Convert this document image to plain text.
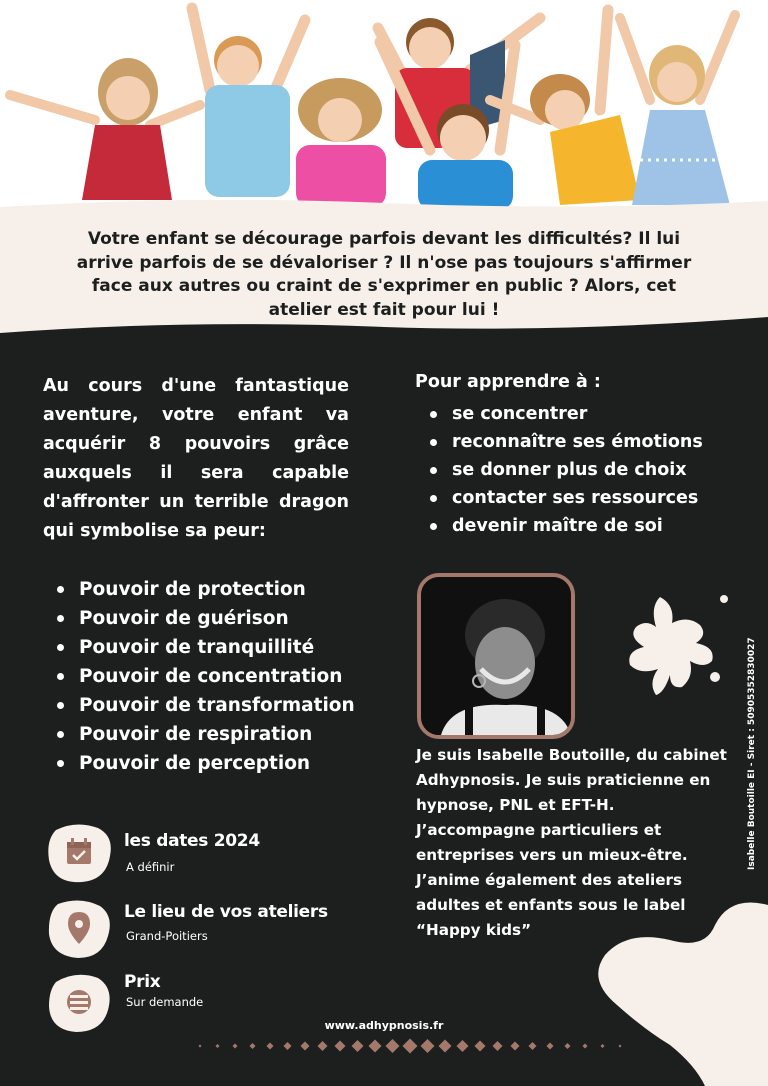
Votre enfant se décourage parfois devant les difficultés? Il lui arrive parfois de se dévaloriser ? Il n'ose pas toujours s'affirmer face aux autres ou craint de s'exprimer en public ? Alors, cet atelier est fait pour lui !

Au cours d'une fantastique aventure, votre enfant va acquérir 8 pouvoirs grâce auxquels il sera capable d'affronter un terrible dragon qui symbolise sa peur:

Pour apprendre à :

se concentrer
reconnaître ses émotions
se donner plus de choix
contacter ses ressources
devenir maître de soi
Pouvoir de protection
Pouvoir de guérison
Pouvoir de tranquillité
Pouvoir de concentration
Pouvoir de transformation
Pouvoir de respiration
Pouvoir de perception	Je suis Isabelle Boutoille, du cabinet Adhypnosis. Je suis praticienne en hypnose, PNL et EFT-H. J’accompagne particuliers et entreprises vers un mieux-être. J’anime également des ateliers adultes et enfants sous le label “Happy kids”

Isabelle Boutoille EI - Siret : 50905352830027

les dates 2024

A définir

Le lieu de vos ateliers

Grand-Poitiers

Prix

Sur demande

www.adhypnosis.fr
